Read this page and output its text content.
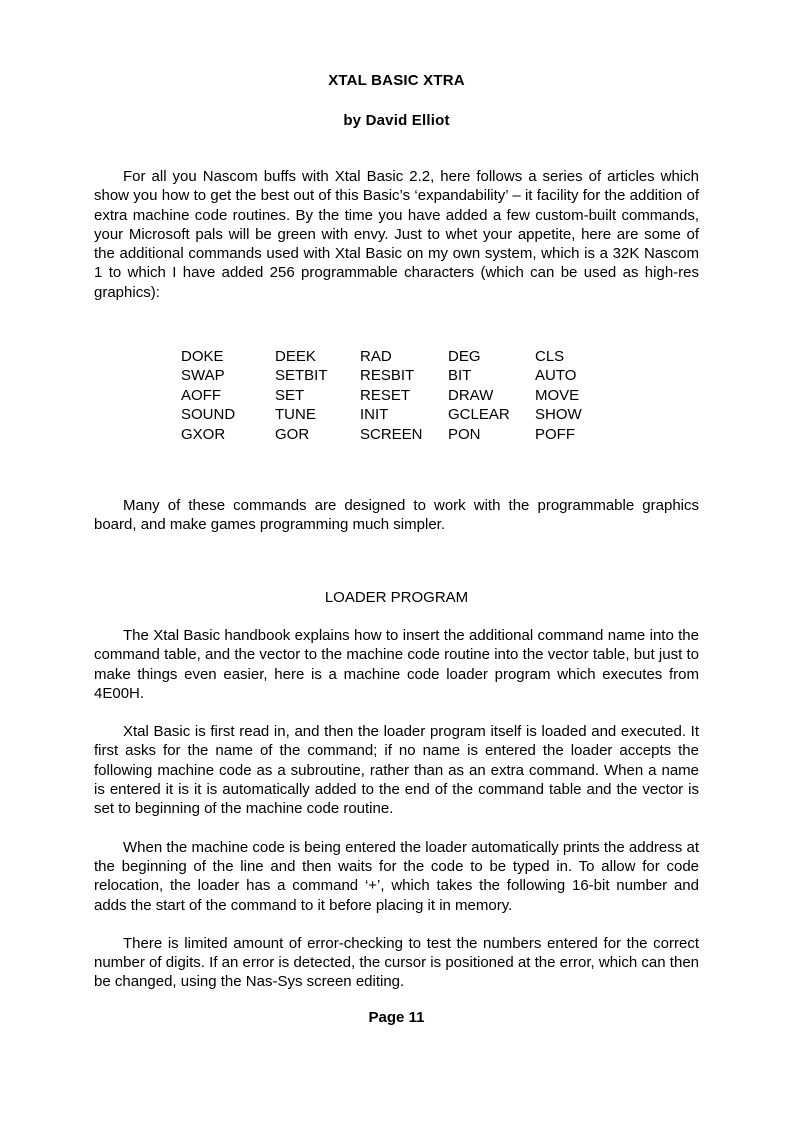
XTAL BASIC XTRA
by David Elliot

For all you Nascom buffs with Xtal Basic 2.2, here follows a series of articles which show you how to get the best out of this Basic’s ‘expandability’ – it facility for the addition of extra machine code routines. By the time you have added a few custom-built commands, your Microsoft pals will be green with envy. Just to whet your appetite, here are some of the additional commands used with Xtal Basic on my own system, which is a 32K Nascom 1 to which I have added 256 programmable characters (which can be used as high-res graphics):

DOKE	DEEK	RAD	DEG	CLS
SWAP	SETBIT	RESBIT	BIT	AUTO
AOFF	SET	RESET	DRAW	MOVE
SOUND	TUNE	INIT	GCLEAR	SHOW
GXOR	GOR	SCREEN	PON	POFF

Many of these commands are designed to work with the programmable graphics board, and make games programming much simpler.

LOADER PROGRAM

The Xtal Basic handbook explains how to insert the additional command name into the command table, and the vector to the machine code routine into the vector table, but just to make things even easier, here is a machine code loader program which executes from 4E00H.

Xtal Basic is first read in, and then the loader program itself is loaded and executed. It first asks for the name of the command; if no name is entered the loader accepts the following machine code as a subroutine, rather than as an extra command. When a name is entered it is it is automatically added to the end of the command table and the vector is set to beginning of the machine code routine.

When the machine code is being entered the loader automatically prints the address at the beginning of the line and then waits for the code to be typed in. To allow for code relocation, the loader has a command ‘+’, which takes the following 16-bit number and adds the start of the command to it before placing it in memory.

There is limited amount of error-checking to test the numbers entered for the correct number of digits. If an error is detected, the cursor is positioned at the error, which can then be changed, using the Nas-Sys screen editing.

Page 11
